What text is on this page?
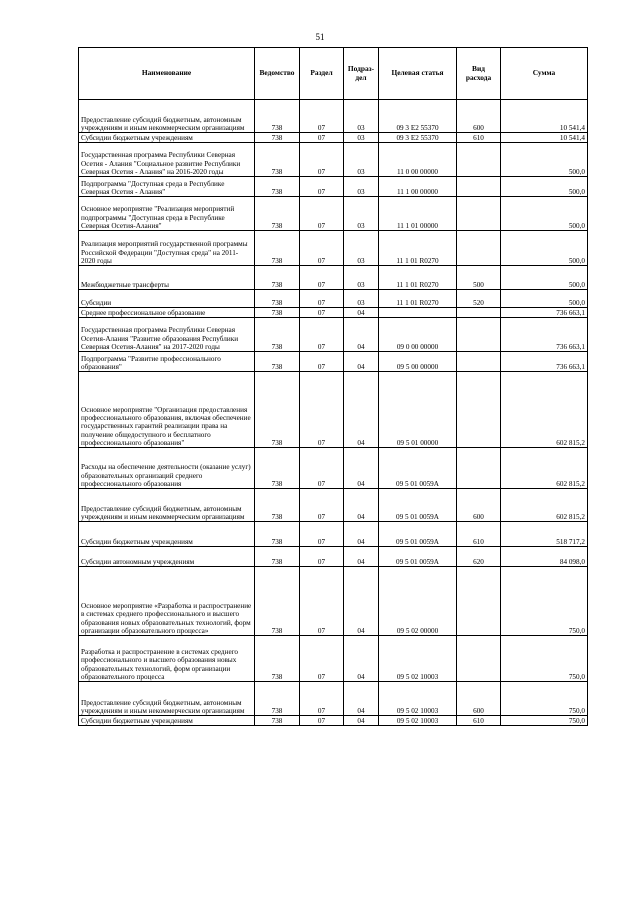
51
Наименование	Ведомство	Раздел	Подраз-дел	Целевая статья	Вид расхода	Сумма
Предоставление субсидий бюджетным, автономным учреждениям и иным некоммерческим организациям	738	07	03	09 3 E2 55370	600	10 541,4
Субсидии бюджетным учреждениям	738	07	03	09 3 E2 55370	610	10 541,4
Государственная программа Республики Северная Осетия - Алания "Социальное развитие Республики Северная Осетия - Алания" на 2016-2020 годы	738	07	03	11 0 00 00000		500,0
Подпрограмма "Доступная среда в Республике Северная Осетия - Алания"	738	07	03	11 1 00 00000		500,0
Основное мероприятие "Реализация мероприятий подпрограммы "Доступная среда в Республике Северная Осетия-Алания"	738	07	03	11 1 01 00000		500,0
Реализация мероприятий государственной программы Российской Федерации "Доступная среда" на 2011-2020 годы	738	07	03	11 1 01 R0270		500,0
Межбюджетные трансферты	738	07	03	11 1 01 R0270	500	500,0
Субсидии	738	07	03	11 1 01 R0270	520	500,0
Среднее профессиональное образование	738	07	04			736 663,1
Государственная программа Республики Северная Осетия-Алания "Развитие образования Республики Северная Осетия-Алания" на 2017-2020 годы	738	07	04	09 0 00 00000		736 663,1
Подпрограмма "Развитие профессионального образования"	738	07	04	09 5 00 00000		736 663,1
Основное мероприятие "Организация предоставления профессионального образования, включая обеспечение государственных гарантий реализации права на получение общедоступного и бесплатного профессионального образования"	738	07	04	09 5 01 00000		602 815,2
Расходы на обеспечение деятельности (оказание услуг) образовательных организаций среднего профессионального образования	738	07	04	09 5 01 0059A		602 815,2
Предоставление субсидий бюджетным, автономным учреждениям и иным некоммерческим организациям	738	07	04	09 5 01 0059A	600	602 815,2
Субсидии бюджетным учреждениям	738	07	04	09 5 01 0059A	610	518 717,2
Субсидии автономным учреждениям	738	07	04	09 5 01 0059A	620	84 098,0
Основное мероприятие «Разработка и распространение в системах среднего профессионального и высшего образования новых образовательных технологий, форм организации образовательного процесса»	738	07	04	09 5 02 00000		750,0
Разработка и распространение в системах среднего профессионального и высшего образования новых образовательных технологий, форм организации образовательного процесса	738	07	04	09 5 02 10003		750,0
Предоставление субсидий бюджетным, автономным учреждениям и иным некоммерческим организациям	738	07	04	09 5 02 10003	600	750,0
Субсидии бюджетным учреждениям	738	07	04	09 5 02 10003	610	750,0
